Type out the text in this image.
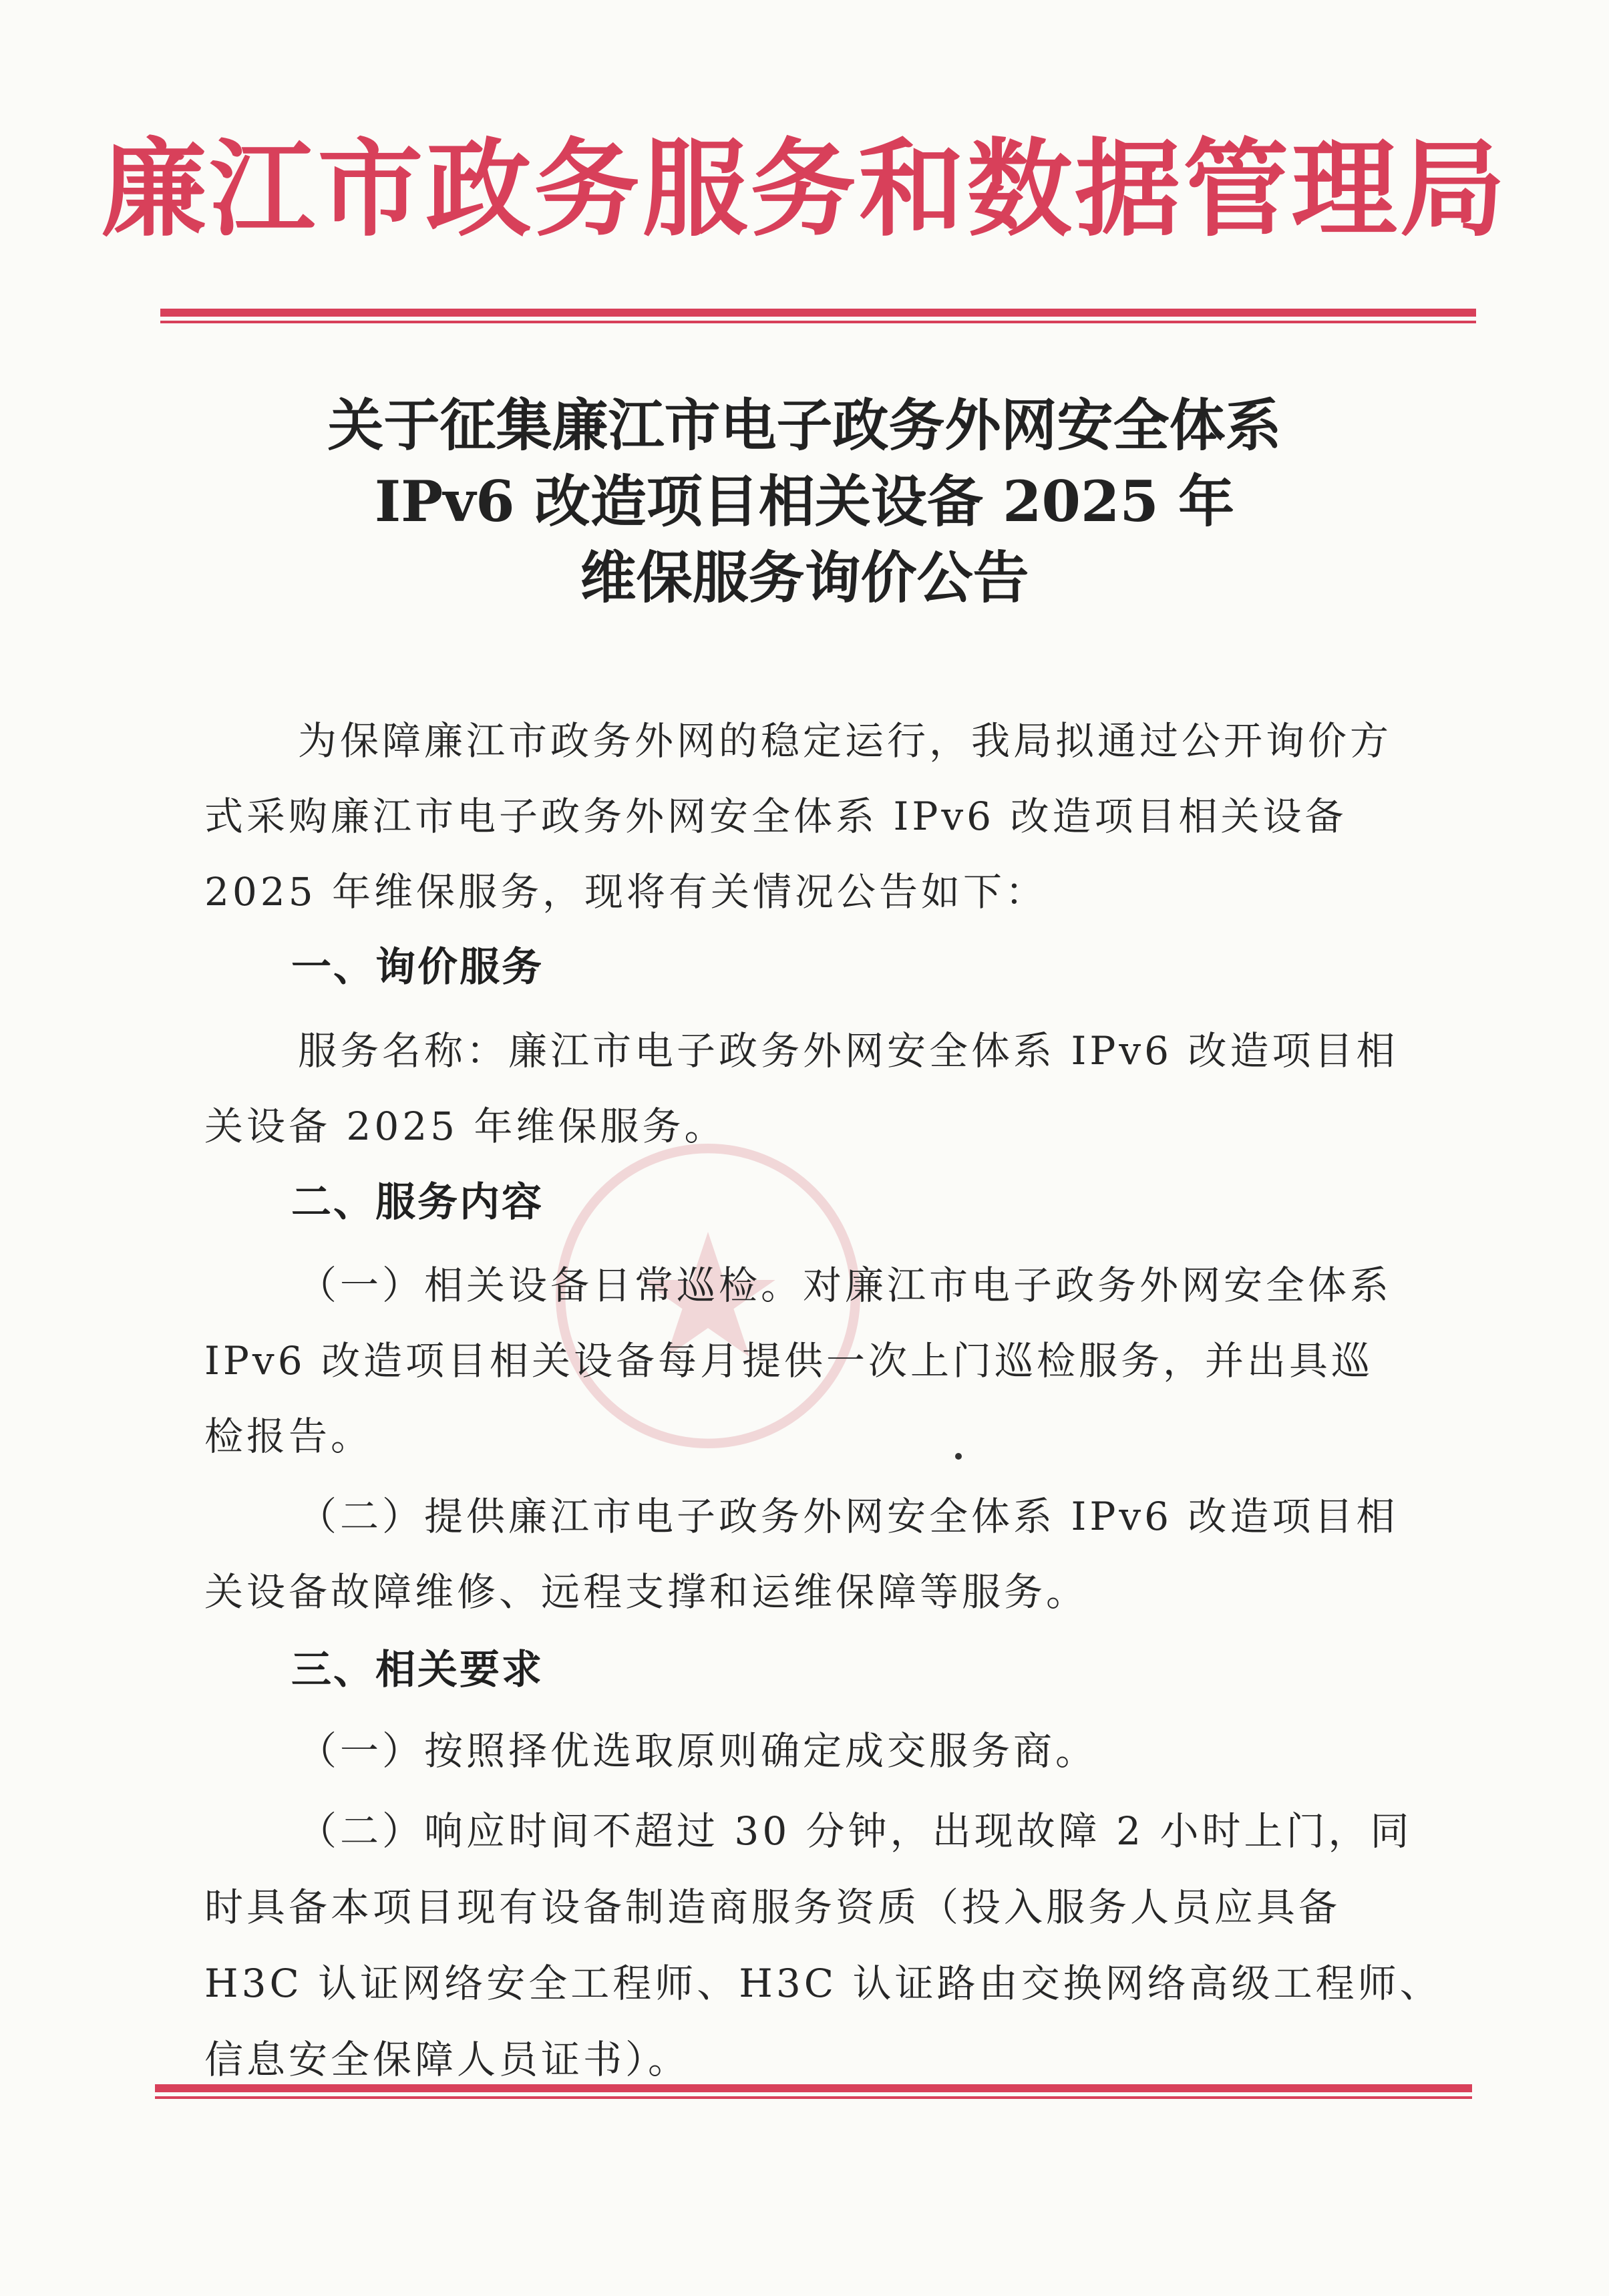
廉江市政务服务和数据管理局
关于征集廉江市电子政务外网安全体系
IPv6 改造项目相关设备 2025 年
维保服务询价公告
为保障廉江市政务外网的稳定运行，我局拟通过公开询价方
式采购廉江市电子政务外网安全体系 IPv6 改造项目相关设备
2025 年维保服务，现将有关情况公告如下：
一、询价服务
服务名称：廉江市电子政务外网安全体系 IPv6 改造项目相
关设备 2025 年维保服务。
二、服务内容
（一）相关设备日常巡检。对廉江市电子政务外网安全体系
IPv6 改造项目相关设备每月提供一次上门巡检服务，并出具巡
检报告。
（二）提供廉江市电子政务外网安全体系 IPv6 改造项目相
关设备故障维修、远程支撑和运维保障等服务。
三、相关要求
（一）按照择优选取原则确定成交服务商。
（二）响应时间不超过 30 分钟，出现故障 2 小时上门，同
时具备本项目现有设备制造商服务资质（投入服务人员应具备
H3C 认证网络安全工程师、H3C 认证路由交换网络高级工程师、
信息安全保障人员证书）。
